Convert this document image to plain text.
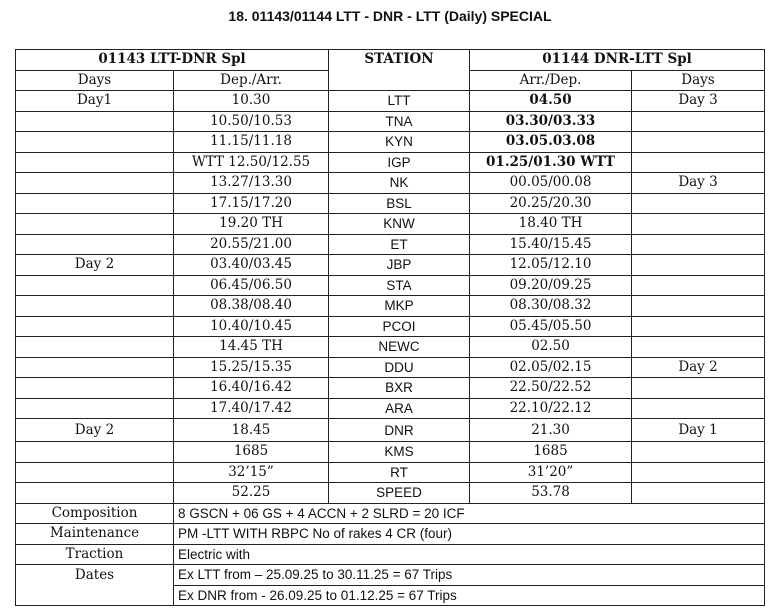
18. 01143/01144 LTT - DNR - LTT (Daily) SPECIAL
01143 LTT-DNR Spl		STATION	01144 DNR-LTT Spl	
Days	Dep./Arr.		Arr./Dep.	Days
Day1	10.30	LTT	04.50	Day 3
	10.50/10.53	TNA	03.30/03.33	
	11.15/11.18	KYN	03.05.03.08	
	WTT 12.50/12.55	IGP	01.25/01.30 WTT	
	13.27/13.30	NK	00.05/00.08	Day 3
	17.15/17.20	BSL	20.25/20.30	
	19.20 TH	KNW	18.40 TH	
	20.55/21.00	ET	15.40/15.45	
Day 2	03.40/03.45	JBP	12.05/12.10	
	06.45/06.50	STA	09.20/09.25	
	08.38/08.40	MKP	08.30/08.32	
	10.40/10.45	PCOI	05.45/05.50	
	14.45 TH	NEWC	02.50	
	15.25/15.35	DDU	02.05/02.15	Day 2
	16.40/16.42	BXR	22.50/22.52	
	17.40/17.42	ARA	22.10/22.12	
Day 2	18.45	DNR	21.30	Day 1
	1685	KMS	1685	
	32’15”	RT	31’20”	
	52.25	SPEED	53.78	
Composition	8 GSCN + 06 GS + 4 ACCN + 2 SLRD = 20 ICF			
Maintenance	PM -LTT WITH RBPC No of rakes 4 CR (four)			
Traction	Electric with			
Dates	Ex LTT from – 25.09.25 to 30.11.25 = 67 Trips			
	Ex DNR from - 26.09.25 to 01.12.25 = 67 Trips			
